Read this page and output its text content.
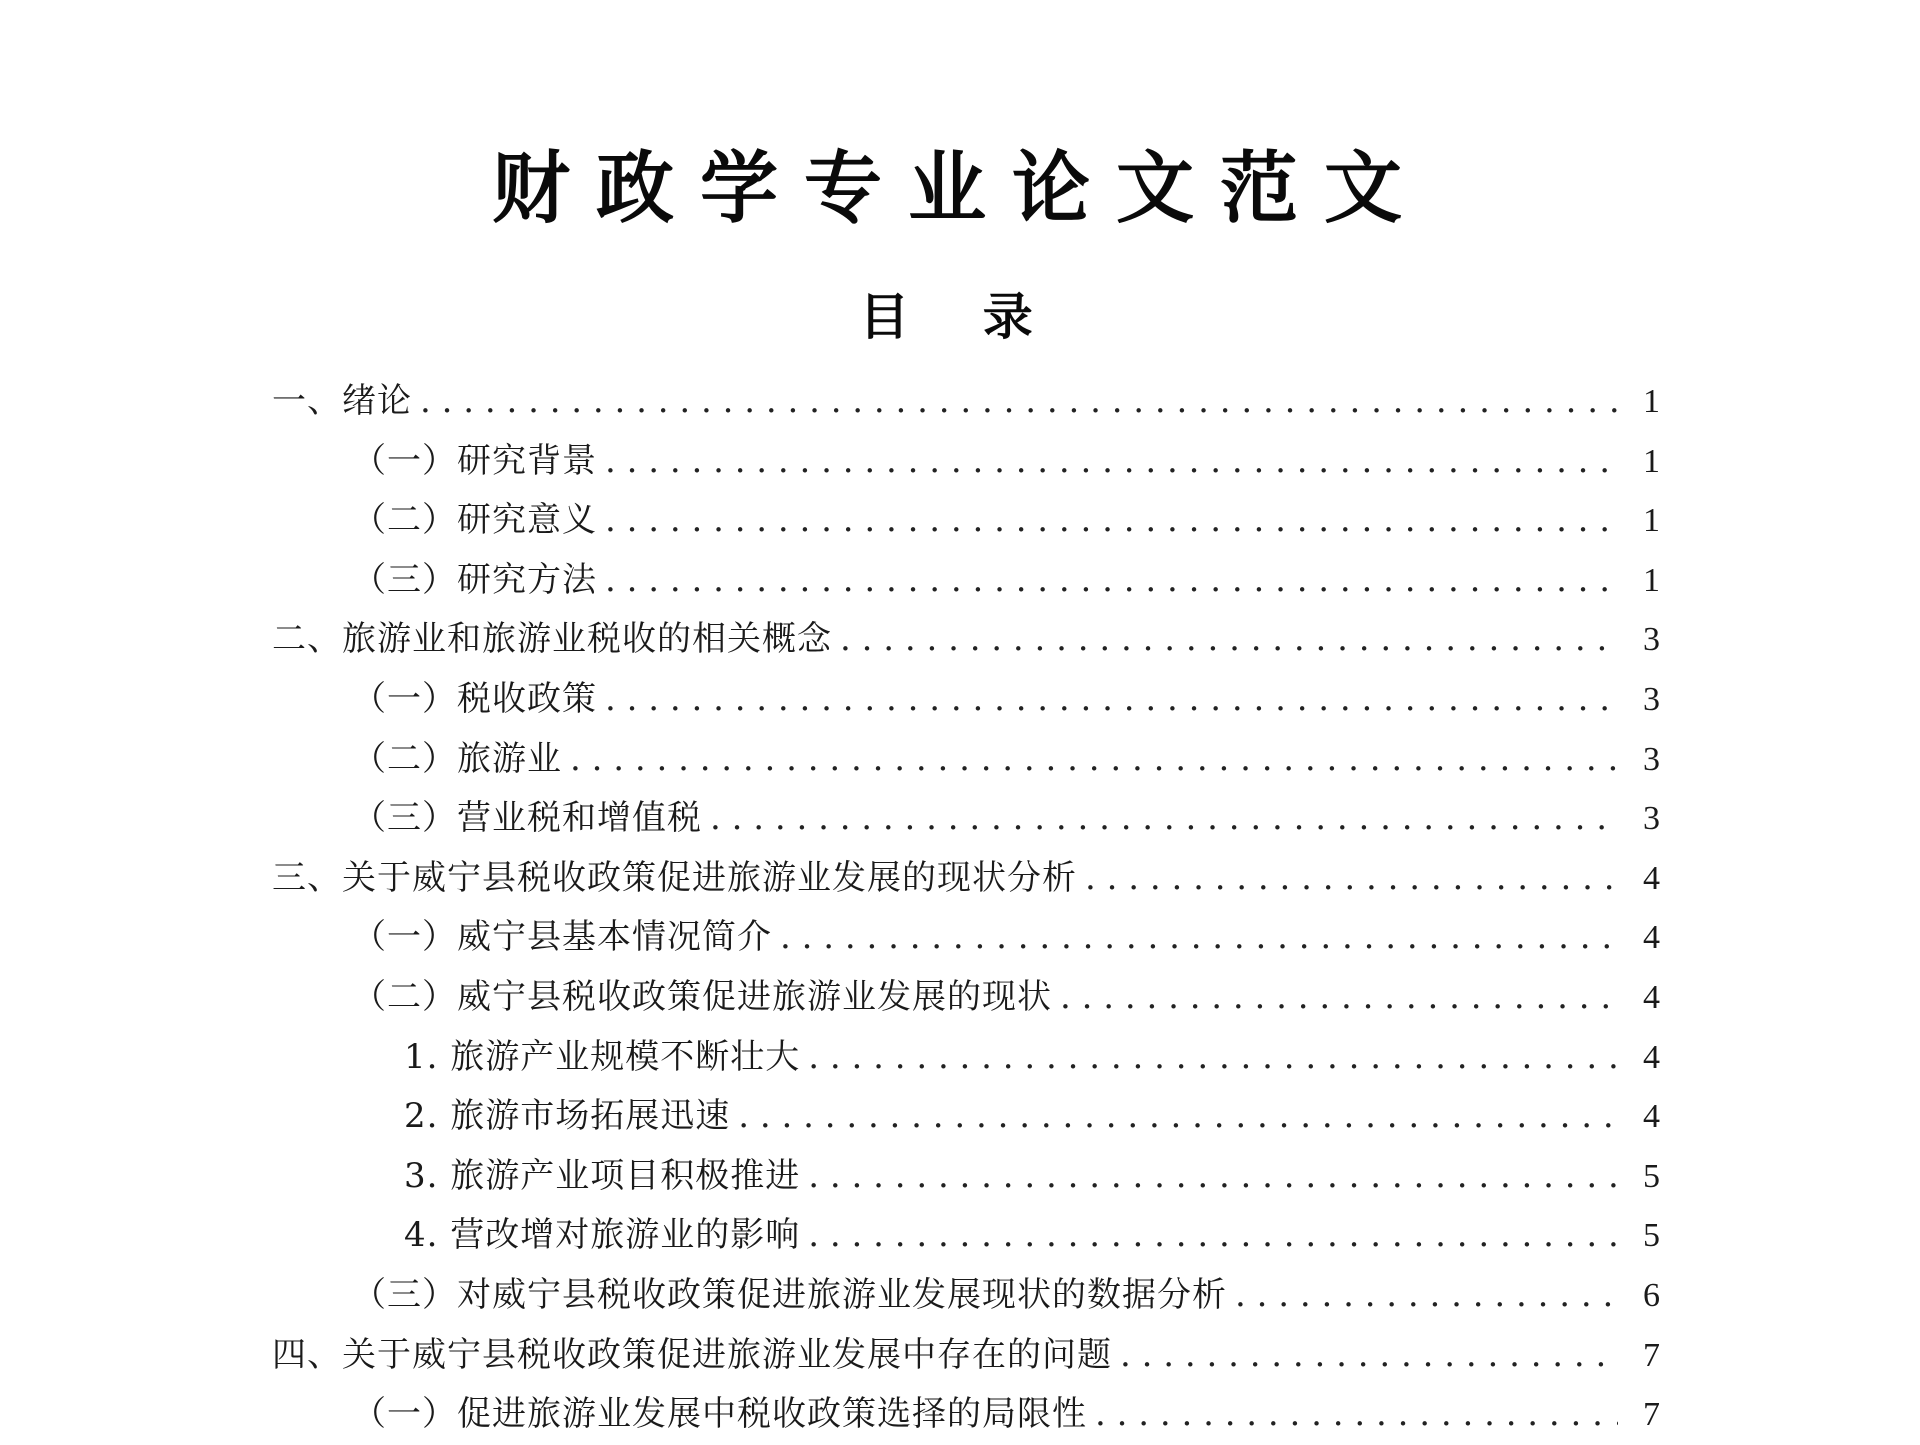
财政学专业论文范文
目 录
一、绪论 . . .	1
（一）研究背景 . . .	1
（二）研究意义 . . .	1
（三）研究方法 . . .	1
二、旅游业和旅游业税收的相关概念 . . .	3
（一）税收政策 . . .	3
（二）旅游业 . . .	3
（三）营业税和增值税 . . .	3
三、关于威宁县税收政策促进旅游业发展的现状分析 . . .	4
（一）威宁县基本情况简介 . . .	4
（二）威宁县税收政策促进旅游业发展的现状 . . .	4
1. 旅游产业规模不断壮大 . . .	4
2. 旅游市场拓展迅速 . . .	4
3. 旅游产业项目积极推进 . . .	5
4. 营改增对旅游业的影响 . . .	5
（三）对威宁县税收政策促进旅游业发展现状的数据分析 . . .	6
四、关于威宁县税收政策促进旅游业发展中存在的问题 . . .	7
（一）促进旅游业发展中税收政策选择的局限性 . . .	7
